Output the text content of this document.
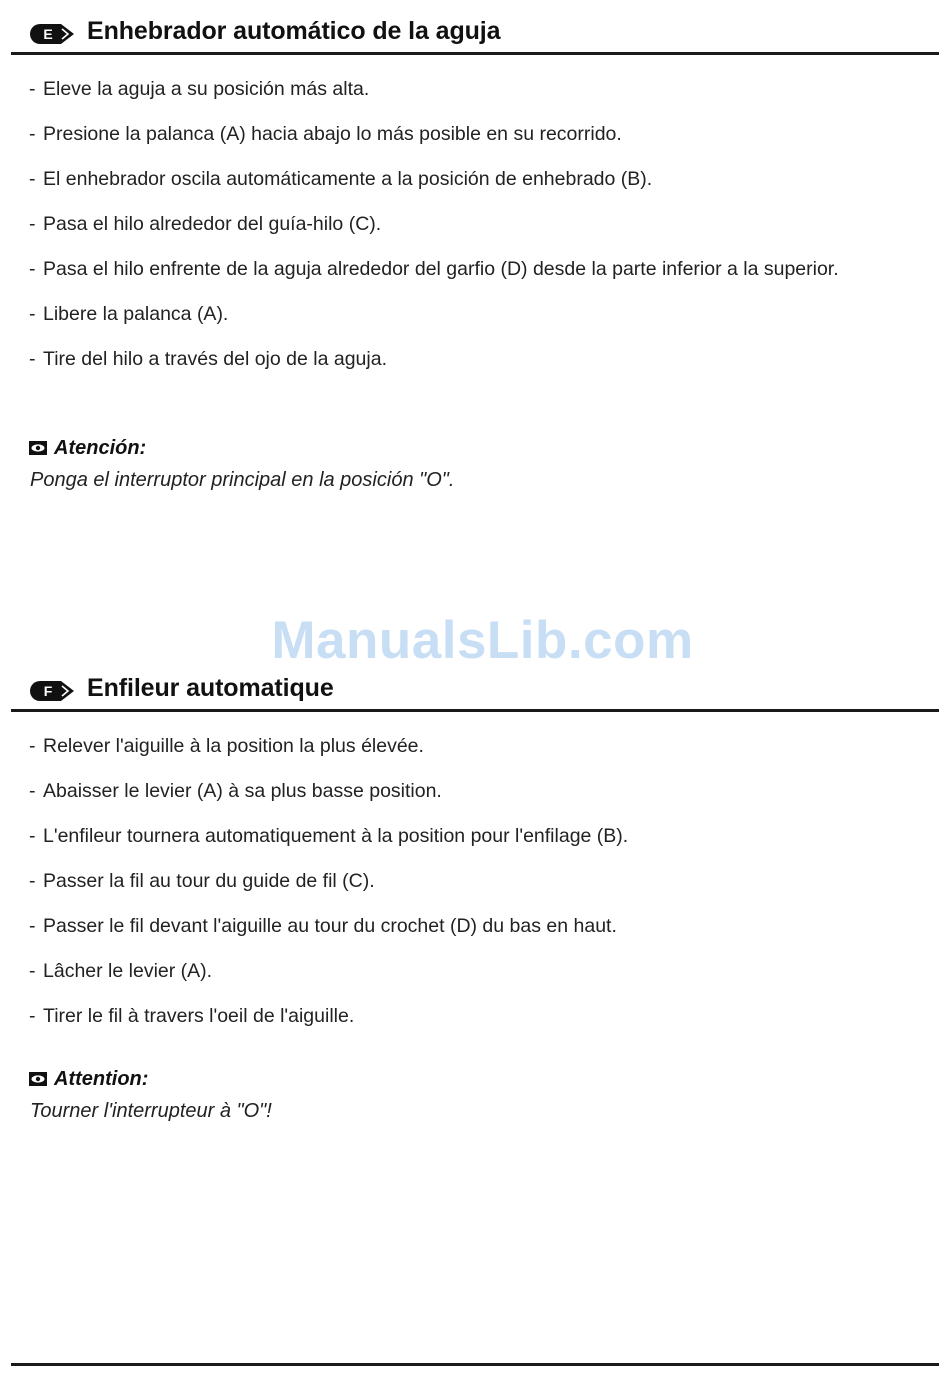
E Enhebrador automático de la aguja
- Eleve la aguja a su posición más alta.
- Presione la palanca (A) hacia abajo lo más posible en su recorrido.
- El enhebrador oscila automáticamente a la posición de enhebrado (B).
- Pasa el hilo alrededor del guía-hilo (C).
- Pasa el hilo enfrente de la aguja alrededor del garfio (D) desde la parte inferior a la superior.
- Libere la palanca (A).
- Tire del hilo a través del ojo de la aguja.
Atención:
Ponga el interruptor principal en la posición "O".
ManualsLib.com
F Enfileur automatique
- Relever l'aiguille à la position la plus élevée.
- Abaisser le levier (A) à sa plus basse position.
- L'enfileur tournera automatiquement à la position pour l'enfilage (B).
- Passer la fil au tour du guide de fil (C).
- Passer le fil devant l'aiguille au tour du crochet (D) du bas en haut.
- Lâcher le levier (A).
- Tirer le fil à travers l'oeil de l'aiguille.
Attention:
Tourner l'interrupteur à "O"!
